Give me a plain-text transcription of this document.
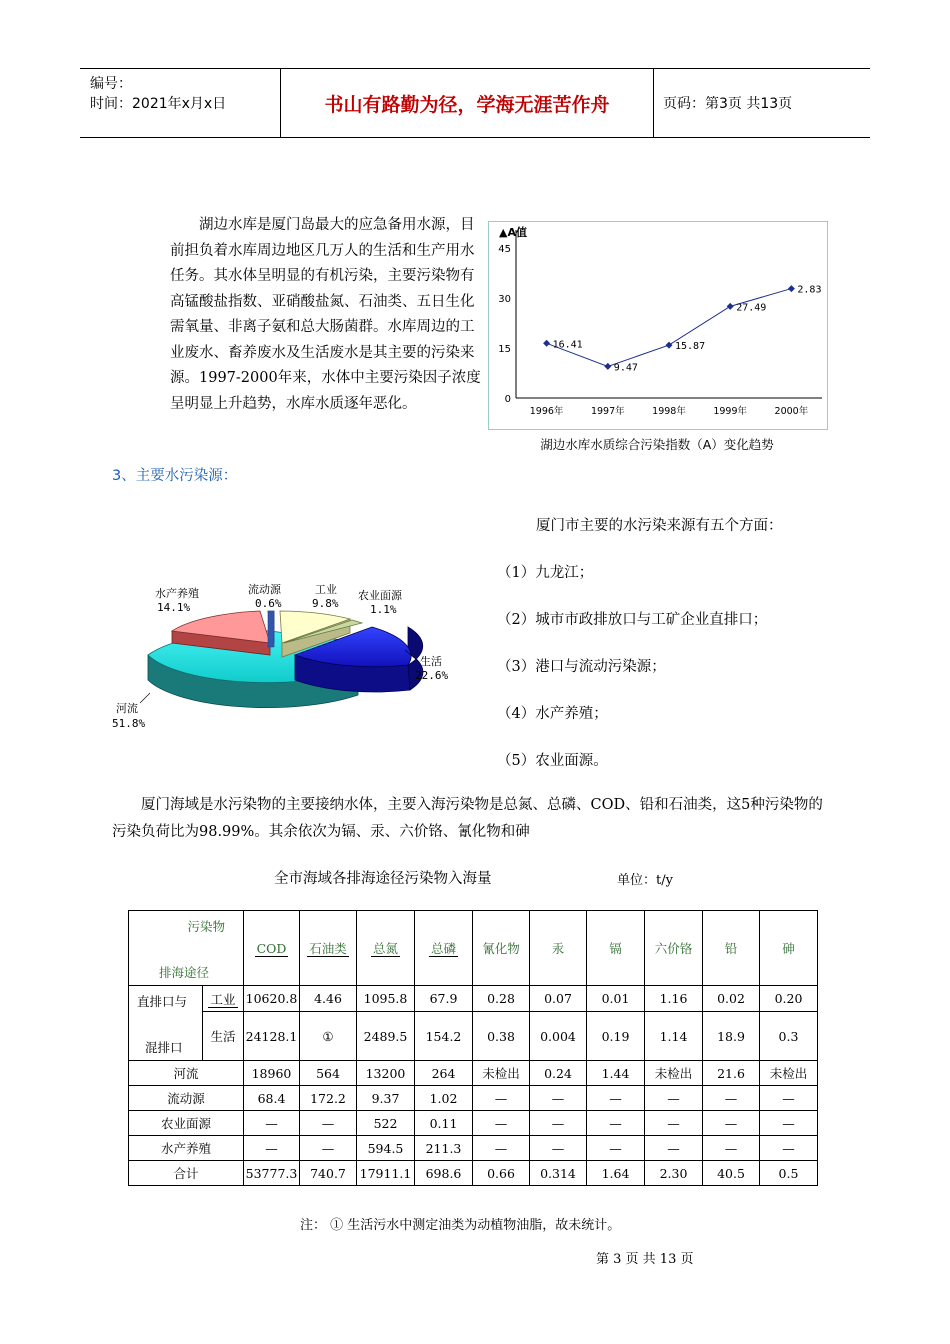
编号：
时间：2021年x月x日	书山有路勤为径，学海无涯苦作舟	页码：第3页 共13页
湖边水库是厦门岛最大的应急备用水源，目前担负着水库周边地区几万人的生活和生产用水任务。其水体呈明显的有机污染，主要污染物有高锰酸盐指数、亚硝酸盐氮、石油类、五日生化需氧量、非离子氨和总大肠菌群。水库周边的工业废水、畜养废水及生活废水是其主要的污染来源。1997-2000年来，水体中主要污染因子浓度呈明显上升趋势，水库水质逐年恶化。
▲A值
0
15
30
45
1996年	1997年	1998年	1999年	2000年
16.41
9.47
15.87
27.49
2.83
湖边水库水质综合污染指数（A）变化趋势
3、主要水污染源：
水产养殖
14.1%
流动源
0.6%
工业
9.8%
农业面源
1.1%
生活
22.6%
河流
51.8%
厦门市主要的水污染来源有五个方面：
（1）九龙江；
（2）城市市政排放口与工矿企业直排口；
（3）港口与流动污染源；
（4）水产养殖；
（5）农业面源。
厦门海域是水污染物的主要接纳水体，主要入海污染物是总氮、总磷、COD、铅和石油类，这5种污染物的污染负荷比为98.99%。其余依次为镉、汞、六价铬、氰化物和砷
全市海域各排海途径污染物入海量	单位：t/y
污染物
排海途径		COD	石油类	总氮	总磷	氰化物	汞	镉	六价铬	铅	砷

直排口与
混排口	工业	10620.8	4.46	1095.8	67.9	0.28	0.07	0.01	1.16	0.02	0.20
	生活	24128.1	①	2489.5	154.2	0.38	0.004	0.19	1.14	18.9	0.3
河流		18960	564	13200	264	未检出	0.24	1.44	未检出	21.6	未检出
流动源		68.4	172.2	9.37	1.02	—	—	—	—	—	—
农业面源		—	—	522	0.11	—	—	—	—	—	—
水产养殖		—	—	594.5	211.3	—	—	—	—	—	—
合计		53777.3	740.7	17911.1	698.6	0.66	0.314	1.64	2.30	40.5	0.5
注： ① 生活污水中测定油类为动植物油脂，故未统计。
第 3 页 共 13 页
